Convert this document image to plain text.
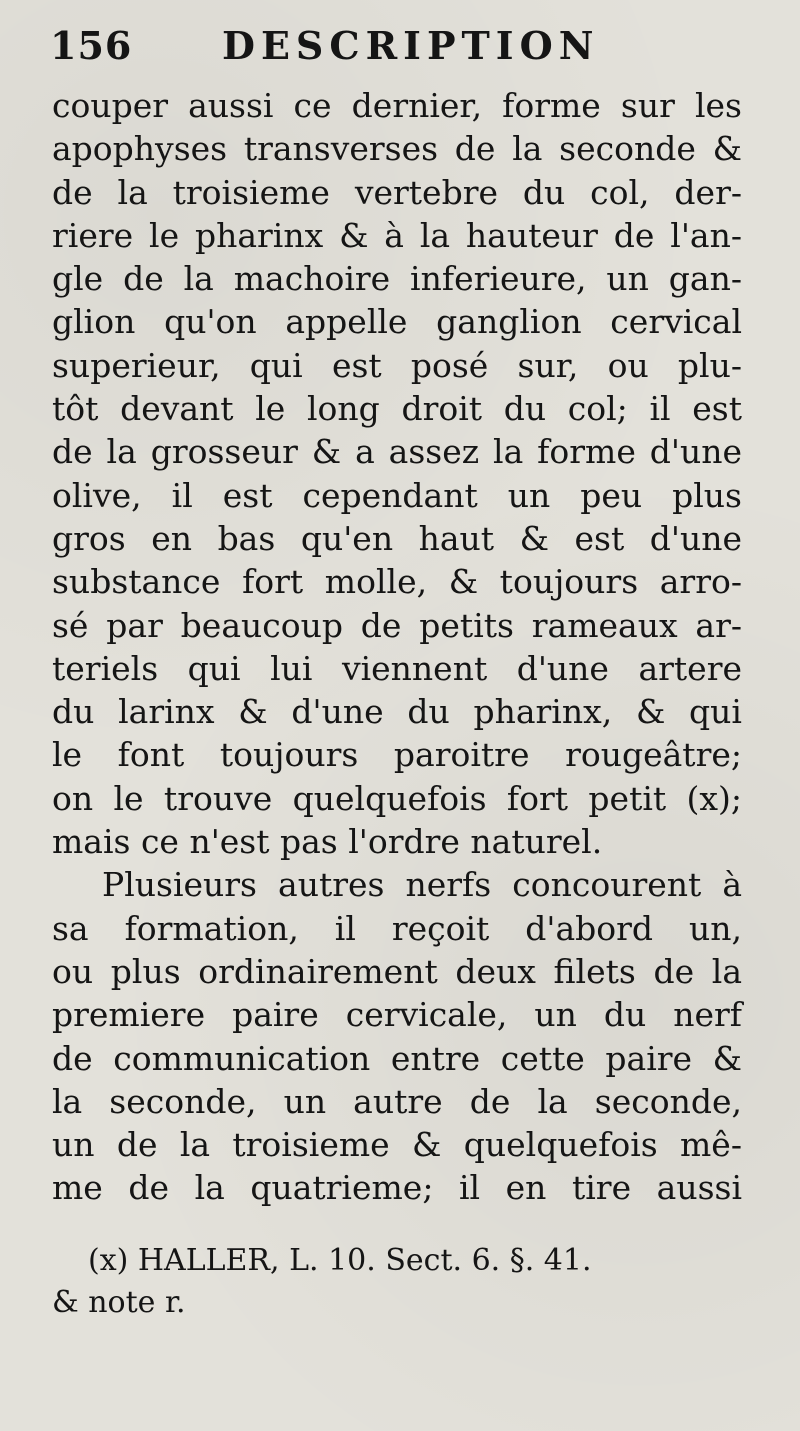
156 DESCRIPTION
couper aussi ce dernier, forme sur les
apophyses transverses de la seconde &
de la troisieme vertebre du col, der-
riere le pharinx & à la hauteur de l'an-
gle de la machoire inferieure, un gan-
glion qu'on appelle ganglion cervical
superieur, qui est posé sur, ou plu-
tôt devant le long droit du col; il est
de la grosseur & a assez la forme d'une
olive, il est cependant un peu plus
gros en bas qu'en haut & est d'une
substance fort molle, & toujours arro-
sé par beaucoup de petits rameaux ar-
teriels qui lui viennent d'une artere
du larinx & d'une du pharinx, & qui
le font toujours paroitre rougeâtre;
on le trouve quelquefois fort petit (x);
mais ce n'est pas l'ordre naturel.
Plusieurs autres nerfs concourent à
sa formation, il reçoit d'abord un,
ou plus ordinairement deux filets de la
premiere paire cervicale, un du nerf
de communication entre cette paire &
la seconde, un autre de la seconde,
un de la troisieme & quelquefois mê-
me de la quatrieme; il en tire aussi
(x) HALLER, L. 10. Sect. 6. §. 41.
& note r.
